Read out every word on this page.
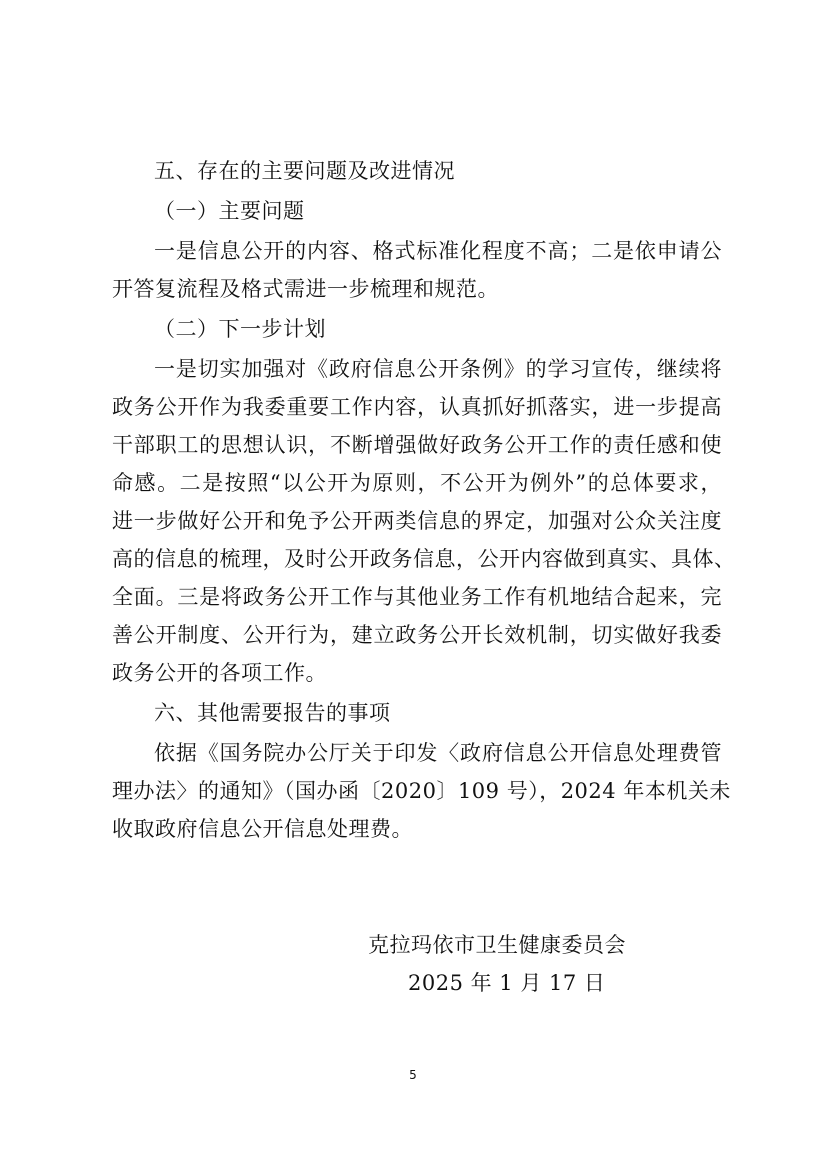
五、存在的主要问题及改进情况
（一）主要问题
一是信息公开的内容、格式标准化程度不高；二是依申请公
开答复流程及格式需进一步梳理和规范。
（二）下一步计划
一是切实加强对《政府信息公开条例》的学习宣传，继续将
政务公开作为我委重要工作内容，认真抓好抓落实，进一步提高
干部职工的思想认识，不断增强做好政务公开工作的责任感和使
命感。二是按照“以公开为原则，不公开为例外”的总体要求，
进一步做好公开和免予公开两类信息的界定，加强对公众关注度
高的信息的梳理，及时公开政务信息，公开内容做到真实、具体、
全面。三是将政务公开工作与其他业务工作有机地结合起来，完
善公开制度、公开行为，建立政务公开长效机制，切实做好我委
政务公开的各项工作。
六、其他需要报告的事项
依据《国务院办公厅关于印发〈政府信息公开信息处理费管
理办法〉的通知》（国办函〔2020〕109 号），2024 年本机关未
收取政府信息公开信息处理费。
克拉玛依市卫生健康委员会
2025 年 1 月 17 日
5
